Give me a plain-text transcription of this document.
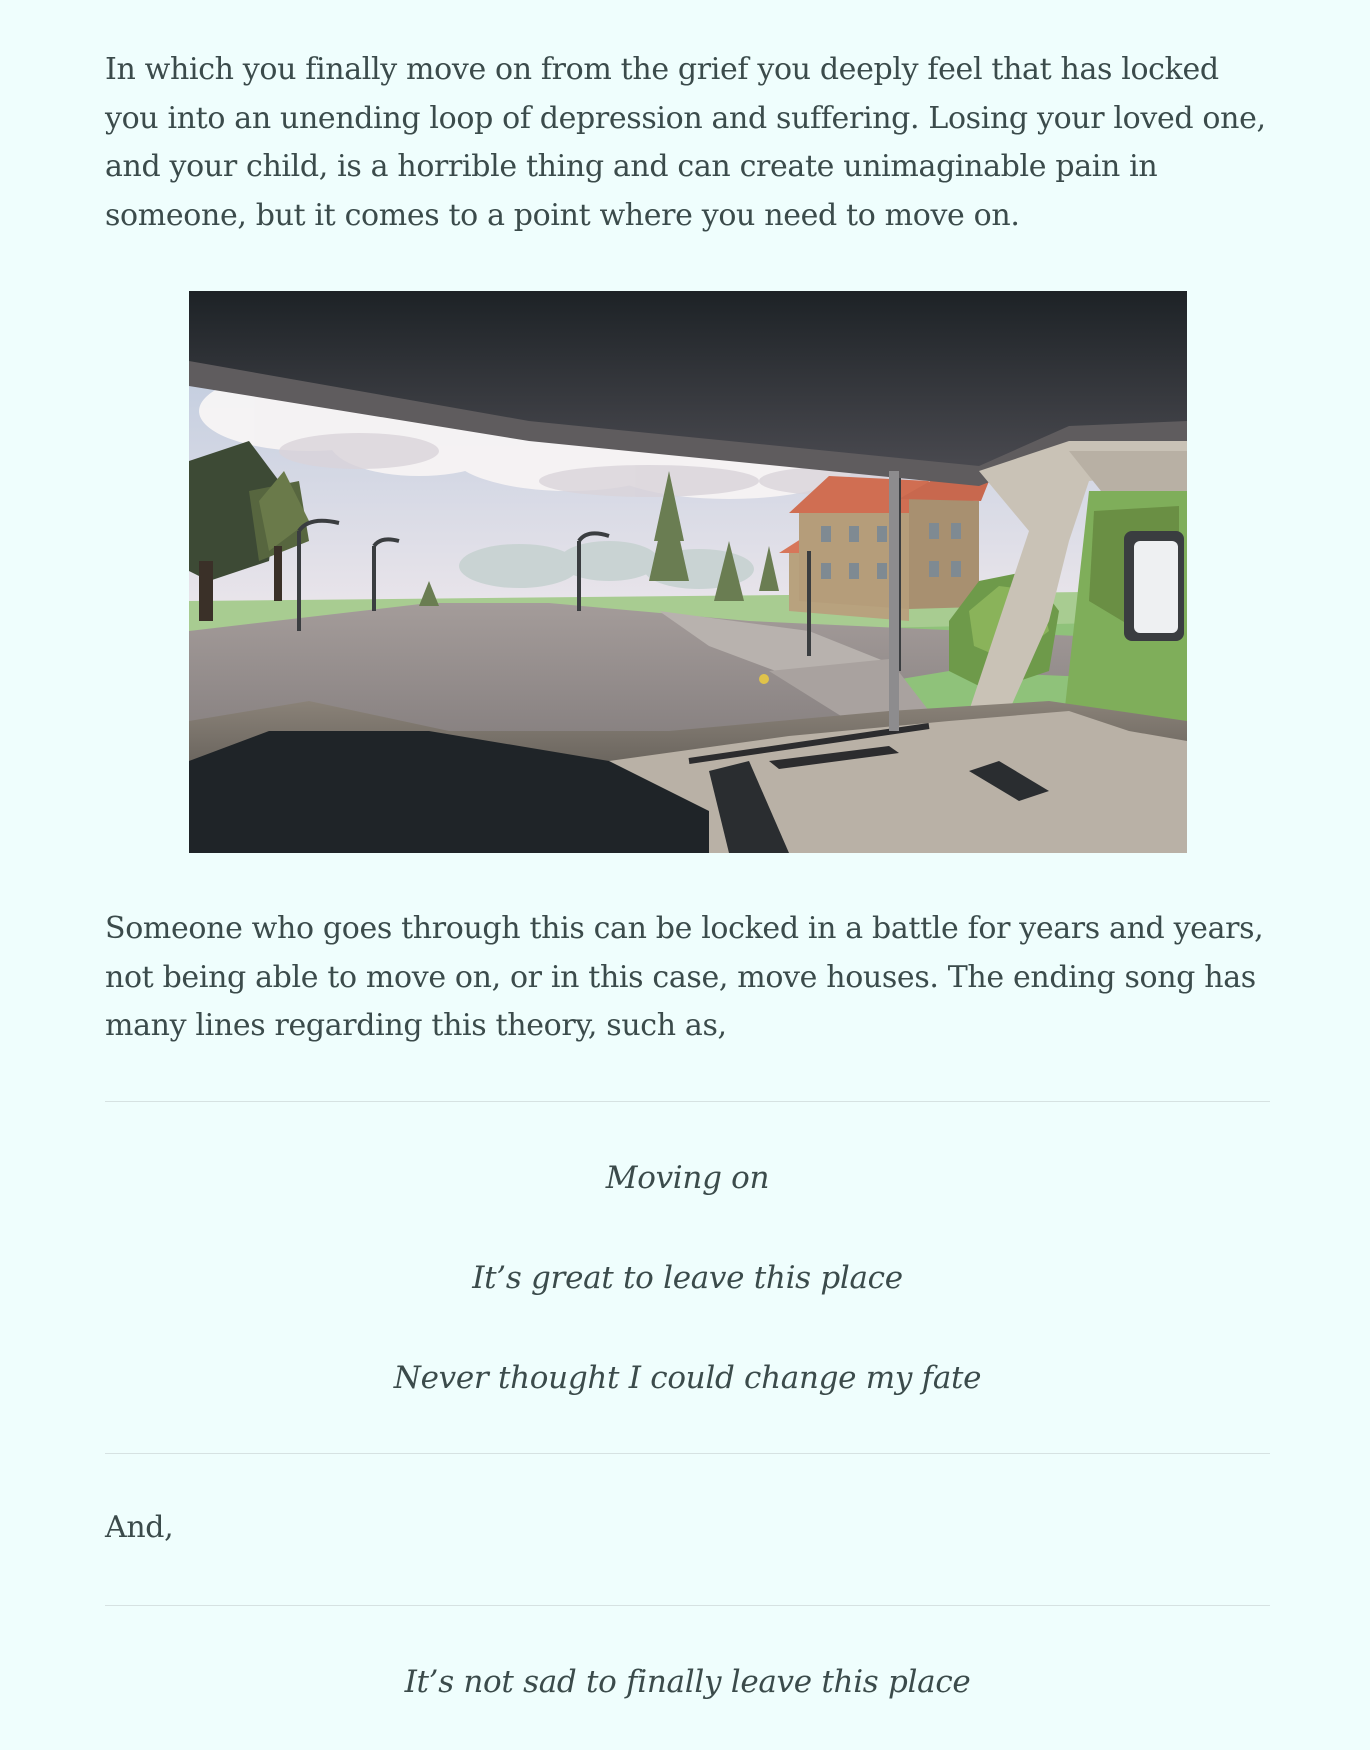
In which you finally move on from the grief you deeply feel that has locked you into an unending loop of depression and suffering. Losing your loved one, and your child, is a horrible thing and can create unimaginable pain in someone, but it comes to a point where you need to move on.

Someone who goes through this can be locked in a battle for years and years, not being able to move on, or in this case, move houses. The ending song has many lines regarding this theory, such as,

And,

Moving on

It’s great to leave this place

Never thought I could change my fate

It’s not sad to finally leave this place
